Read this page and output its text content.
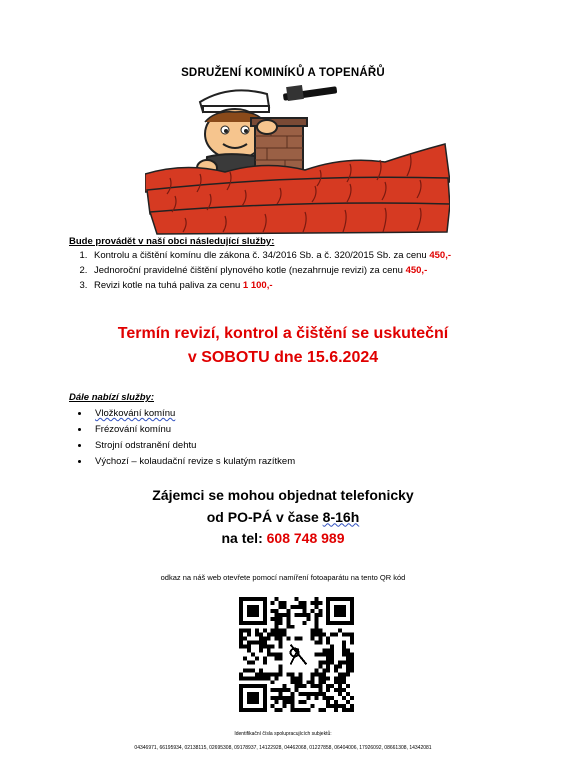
SDRUŽENÍ KOMINÍKŮ A TOPENÁŘŮ
Bude provádět v naší obci následující služby:
1. Kontrolu a čištění komínu dle zákona č. 34/2016 Sb. a č. 320/2015 Sb. za cenu 450,-
2. Jednoroční pravidelné čištění plynového kotle (nezahrnuje revizi) za cenu 450,-
3. Revizi kotle na tuhá paliva za cenu 1 100,-
Termín revizí, kontrol a čištění se uskuteční
v SOBOTU dne 15.6.2024
Dále nabízí služby:
• Vložkování komínu
• Frézování komínu
• Strojní odstranění dehtu
• Výchozí – kolaudační revize s kulatým razítkem
Zájemci se mohou objednat telefonicky
od PO-PÁ v čase 8-16h
na tel: 608 748 989
odkaz na náš web otevřete pomocí namíření fotoaparátu na tento QR kód
Identifikační čísla spolupracujících subjektů:
04346971, 66195934, 02138115, 02695308, 09178937, 14122928, 04462068, 01227858, 06404006, 17926092, 08661308, 14342081
